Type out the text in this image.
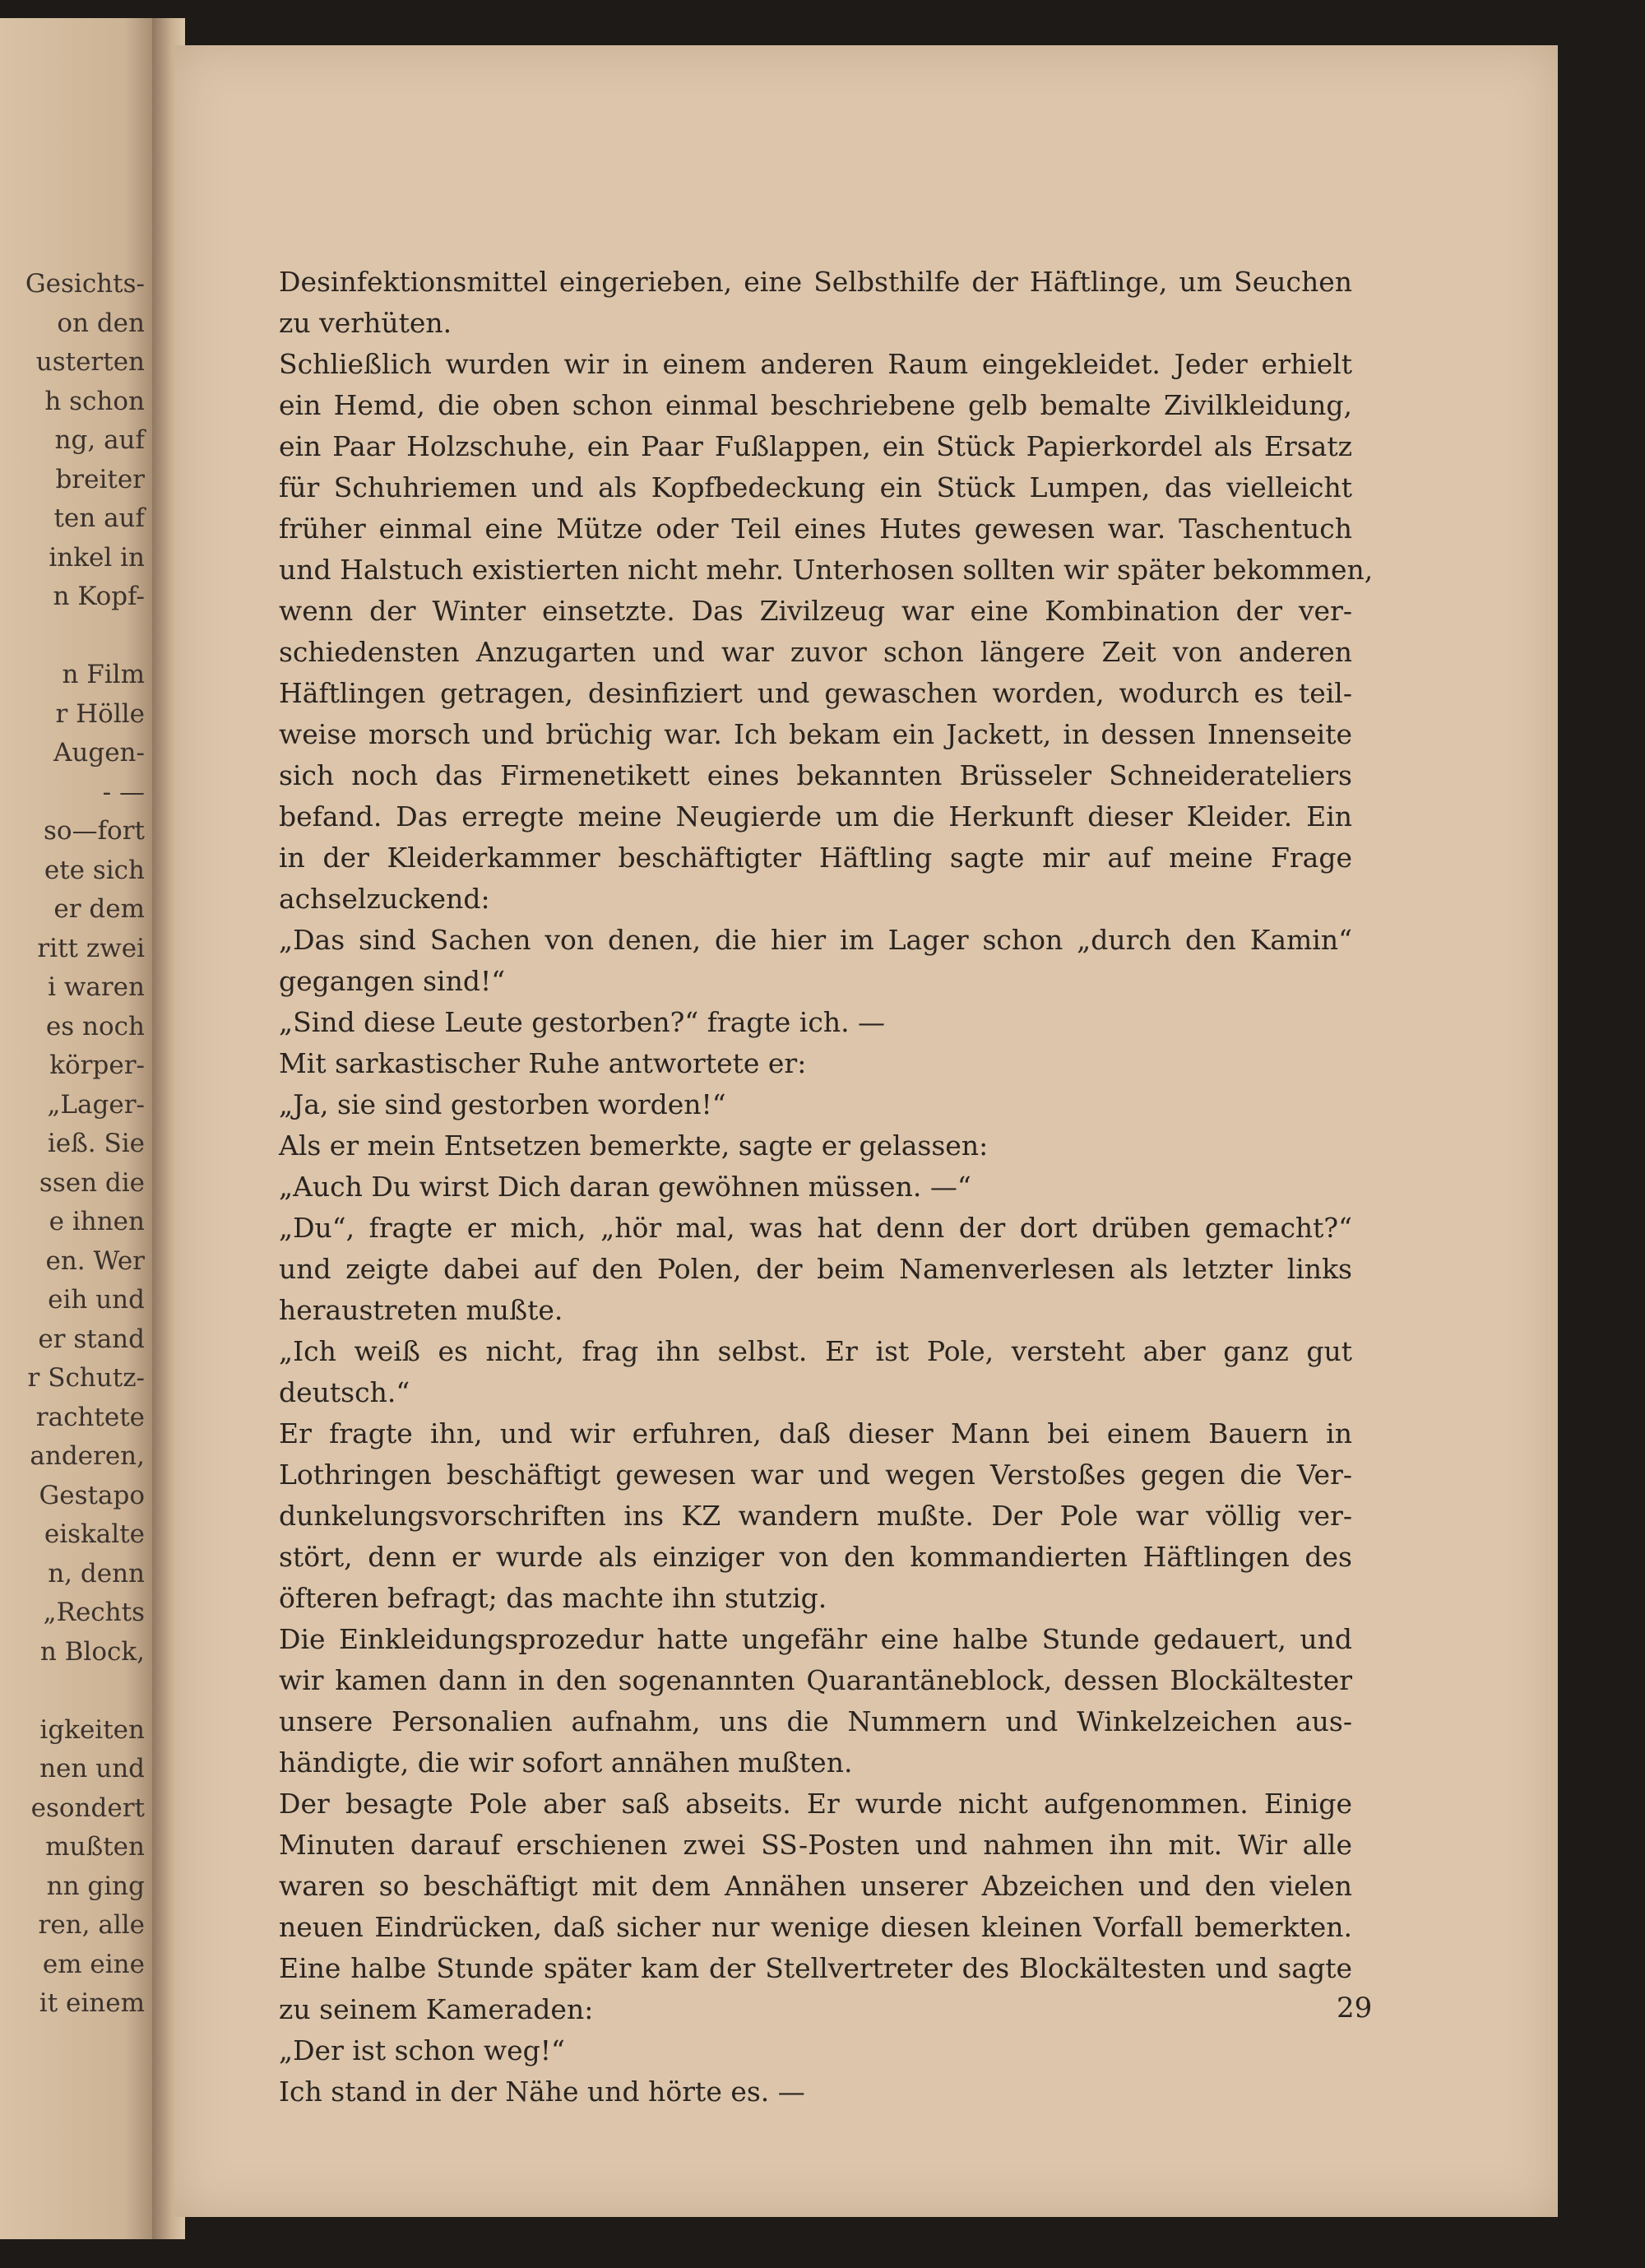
Gesichts-
on den
usterten
h schon
ng, auf
breiter
ten auf
inkel in
n Kopf-
n Film
r Hölle
Augen-
- —
so—fort
ete sich
er dem
ritt zwei
i waren
es noch
körper-
„Lager-
ieß. Sie
ssen die
e ihnen
en. Wer
eih und
er stand
r Schutz-
rachtete
anderen,
Gestapo
eiskalte
n, denn
„Rechts
n Block,
igkeiten
nen und
esondert
mußten
nn ging
ren, alle
em eine
it einem
Desinfektionsmittel eingerieben, eine Selbsthilfe der Häftlinge, um Seuchen
zu verhüten.
Schließlich wurden wir in einem anderen Raum eingekleidet. Jeder erhielt
ein Hemd, die oben schon einmal beschriebene gelb bemalte Zivilkleidung,
ein Paar Holzschuhe, ein Paar Fußlappen, ein Stück Papierkordel als Ersatz
für Schuhriemen und als Kopfbedeckung ein Stück Lumpen, das vielleicht
früher einmal eine Mütze oder Teil eines Hutes gewesen war. Taschentuch
und Halstuch existierten nicht mehr. Unterhosen sollten wir später bekommen,
wenn der Winter einsetzte. Das Zivilzeug war eine Kombination der ver-
schiedensten Anzugarten und war zuvor schon längere Zeit von anderen
Häftlingen getragen, desinfiziert und gewaschen worden, wodurch es teil-
weise morsch und brüchig war. Ich bekam ein Jackett, in dessen Innenseite
sich noch das Firmenetikett eines bekannten Brüsseler Schneiderateliers
befand. Das erregte meine Neugierde um die Herkunft dieser Kleider. Ein
in der Kleiderkammer beschäftigter Häftling sagte mir auf meine Frage
achselzuckend:
„Das sind Sachen von denen, die hier im Lager schon „durch den Kamin“
gegangen sind!“
„Sind diese Leute gestorben?“ fragte ich. —
Mit sarkastischer Ruhe antwortete er:
„Ja, sie sind gestorben worden!“
Als er mein Entsetzen bemerkte, sagte er gelassen:
„Auch Du wirst Dich daran gewöhnen müssen. —“
„Du“, fragte er mich, „hör mal, was hat denn der dort drüben gemacht?“
und zeigte dabei auf den Polen, der beim Namenverlesen als letzter links
heraustreten mußte.
„Ich weiß es nicht, frag ihn selbst. Er ist Pole, versteht aber ganz gut
deutsch.“
Er fragte ihn, und wir erfuhren, daß dieser Mann bei einem Bauern in
Lothringen beschäftigt gewesen war und wegen Verstoßes gegen die Ver-
dunkelungsvorschriften ins KZ wandern mußte. Der Pole war völlig ver-
stört, denn er wurde als einziger von den kommandierten Häftlingen des
öfteren befragt; das machte ihn stutzig.
Die Einkleidungsprozedur hatte ungefähr eine halbe Stunde gedauert, und
wir kamen dann in den sogenannten Quarantäneblock, dessen Blockältester
unsere Personalien aufnahm, uns die Nummern und Winkelzeichen aus-
händigte, die wir sofort annähen mußten.
Der besagte Pole aber saß abseits. Er wurde nicht aufgenommen. Einige
Minuten darauf erschienen zwei SS-Posten und nahmen ihn mit. Wir alle
waren so beschäftigt mit dem Annähen unserer Abzeichen und den vielen
neuen Eindrücken, daß sicher nur wenige diesen kleinen Vorfall bemerkten.
Eine halbe Stunde später kam der Stellvertreter des Blockältesten und sagte
zu seinem Kameraden:
„Der ist schon weg!“
Ich stand in der Nähe und hörte es. —
29
